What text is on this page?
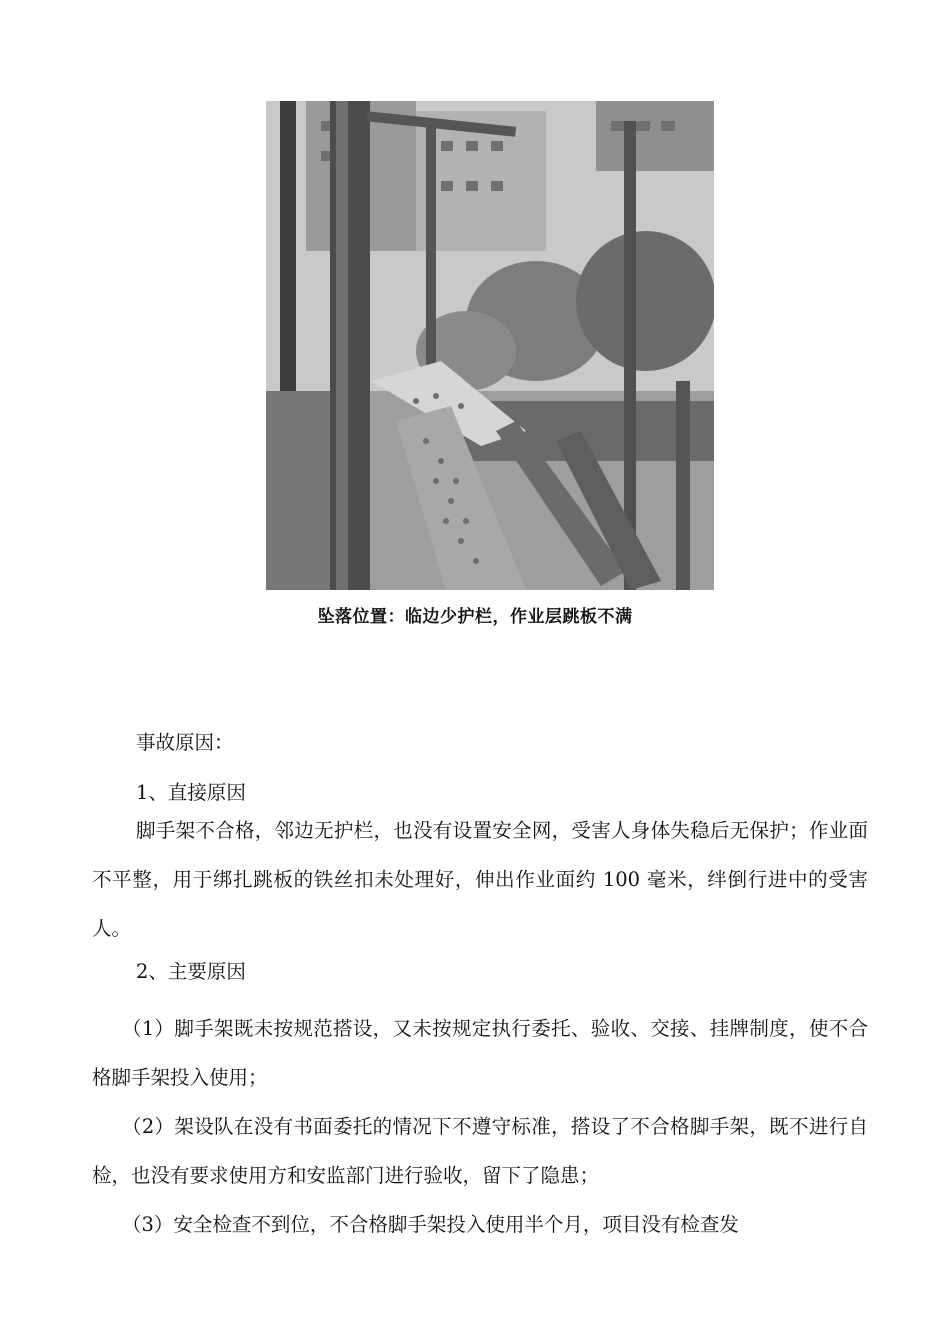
坠落位置：临边少护栏，作业层跳板不满

事故原因：

1、直接原因

脚手架不合格，邻边无护栏，也没有设置安全网，受害人身体失稳后无保护；作业面不平整，用于绑扎跳板的铁丝扣未处理好，伸出作业面约 100 毫米，绊倒行进中的受害人。

2、主要原因

（1）脚手架既未按规范搭设，又未按规定执行委托、验收、交接、挂牌制度，使不合格脚手架投入使用；

（2）架设队在没有书面委托的情况下不遵守标准，搭设了不合格脚手架，既不进行自检，也没有要求使用方和安监部门进行验收，留下了隐患；

（3）安全检查不到位，不合格脚手架投入使用半个月，项目没有检查发
